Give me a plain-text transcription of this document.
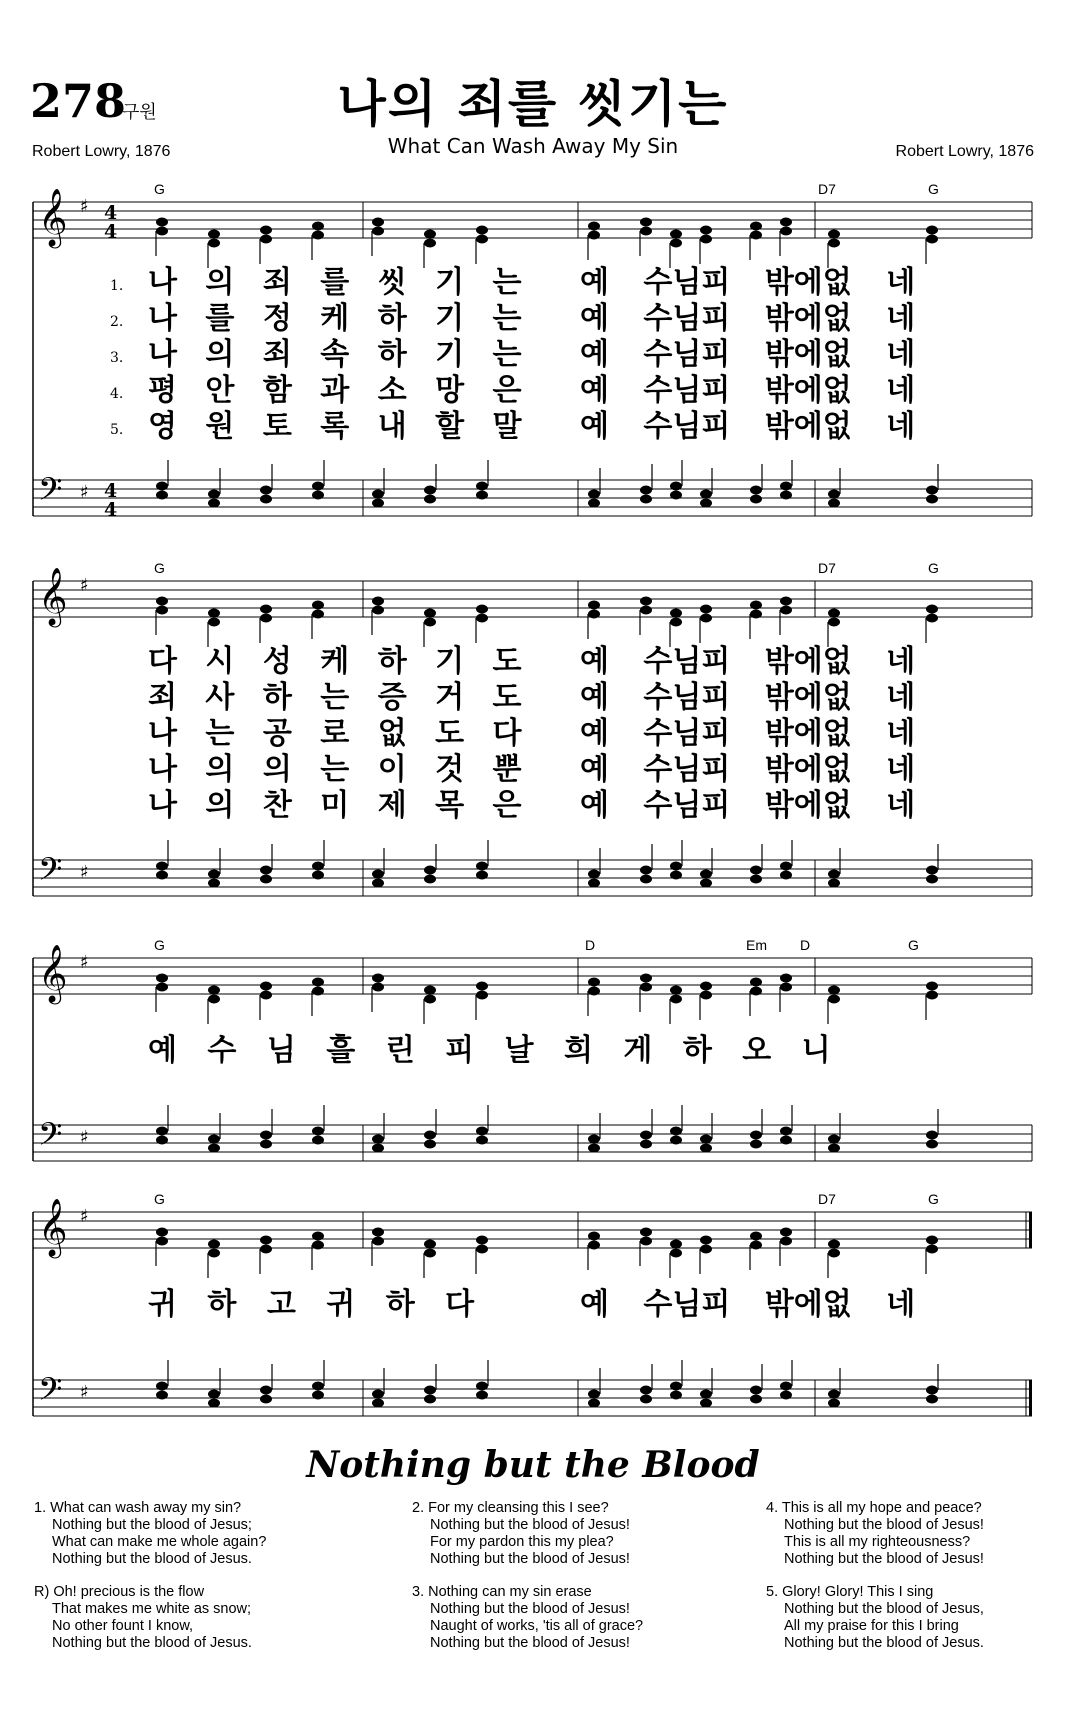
278
구원	나의 죄를 씻기는
What Can Wash Away My Sin
Robert Lowry, 1876	Robert Lowry, 1876
𝄞 ♯ 4
4
𝄢 ♯ 4
4
𝄞 ♯
𝄢 ♯
𝄞 ♯
𝄢 ♯
𝄞 ♯
𝄢 ♯
G	D7	G
G	D7	G
G	D	Em D	G
G	D7	G
1.
2.
3.
4.
5.
나 의 죄 를 씻 기 는
나 를 정 케 하 기 는
나 의 죄 속 하 기 는
평 안 함 과 소 망 은
영 원 토 록 내 할 말
예 수님피 밖에없 네
예 수님피 밖에없 네
예 수님피 밖에없 네
예 수님피 밖에없 네
예 수님피 밖에없 네
다 시 성 케 하 기 도
죄 사 하 는 증 거 도
나 는 공 로 없 도 다
나 의 의 는 이 것 뿐
나 의 찬 미 제 목 은
예 수님피 밖에없 네
예 수님피 밖에없 네
예 수님피 밖에없 네
예 수님피 밖에없 네
예 수님피 밖에없 네
예 수 님 흘 린 피 날 희 게 하 오 니
귀 하 고 귀 하 다	예 수님피 밖에없 네
Nothing but the Blood
1. What can wash away my sin?
Nothing but the blood of Jesus;
What can make me whole again?
Nothing but the blood of Jesus.
R) Oh! precious is the flow
That makes me white as snow;
No other fount I know,
Nothing but the blood of Jesus.
2. For my cleansing this I see?
Nothing but the blood of Jesus!
For my pardon this my plea?
Nothing but the blood of Jesus!
3. Nothing can my sin erase
Nothing but the blood of Jesus!
Naught of works, 'tis all of grace?
Nothing but the blood of Jesus!
4. This is all my hope and peace?
Nothing but the blood of Jesus!
This is all my righteousness?
Nothing but the blood of Jesus!
5. Glory! Glory! This I sing
Nothing but the blood of Jesus,
All my praise for this I bring
Nothing but the blood of Jesus.
